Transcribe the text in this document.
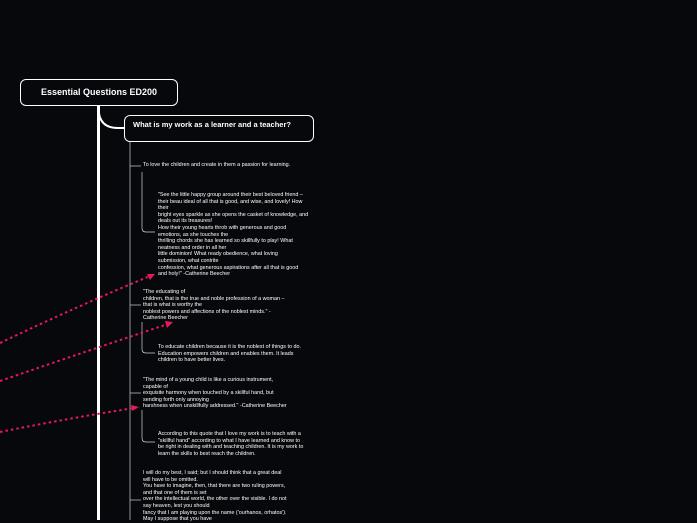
Essential Questions ED200
What is my work as a learner and a teacher?
To love the children and create in them a passion for learning.
"See the little happy group around their best beloved friend –
their beau ideal of all that is good, and wise, and lovely! How
their
bright eyes sparkle as she opens the casket of knowledge, and
deals out its treasures!
How their young hearts throb with generous and good
emotions, as she touches the
thrilling chords she has learned so skillfully to play! What
neatness and order in all her
little dominion! What ready obedience, what loving
submission, what contrite
confession, what generous aspirations after all that is good
and holy!" -Catherine Beecher
"The educating of
children, that is the true and noble profession of a woman –
that is what is worthy the
noblest powers and affections of the noblest minds." -
Catherine Beecher
To educate children because it is the noblest of things to do.
Education empowers children and enables them. It leads
children to have better lives.
"The mind of a young child is like a curious instrument,
capable of
exquisite harmony when touched by a skillful hand, but
sending forth only annoying
harshness when unskillfully addressed." -Catherine Beecher
According to this quote that I love my work is to teach with a
"skillful hand" according to what I have learned and know to
be right in dealing with and teaching children. It is my work to
learn the skills to best reach the children.
I will do my best, I said; but I should think that a great deal
will have to be omitted.
You have to imagine, then, that there are two ruling powers,
and that one of them is set
over the intellectual world, the other over the visible. I do not
say heaven, lest you should
fancy that I am playing upon the name ('ourhanos, orhatos').
May I suppose that you have
